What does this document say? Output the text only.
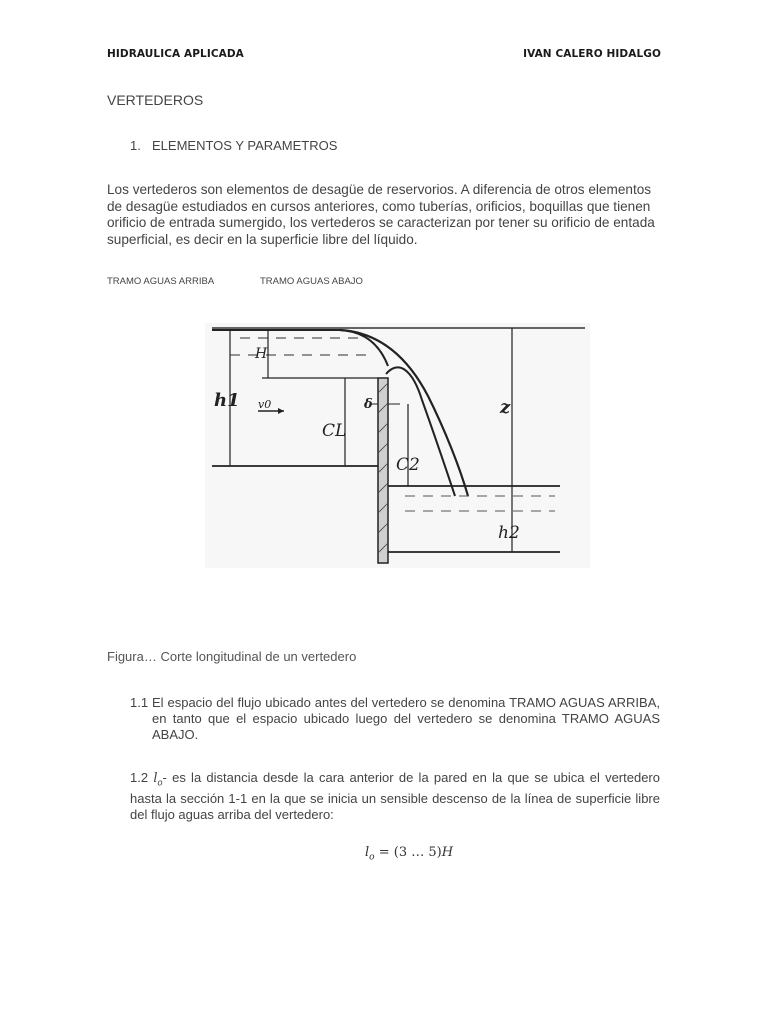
HIDRAULICA APLICADA	IVAN CALERO HIDALGO
VERTEDEROS
1. ELEMENTOS Y PARAMETROS
Los vertederos son elementos de desagüe de reservorios. A diferencia de otros elementos de desagüe estudiados en cursos anteriores, como tuberías, orificios, boquillas que tienen orificio de entrada sumergido, los vertederos se caracterizan por tener su orificio de entada superficial, es decir en la superficie libre del líquido.
TRAMO AGUAS ARRIBA	TRAMO AGUAS ABAJO
H
h1 v0
CL
δ
C2
z
h2
Figura… Corte longitudinal de un vertedero
1.1 El espacio del flujo ubicado antes del vertedero se denomina TRAMO AGUAS ARRIBA, en tanto que el espacio ubicado luego del vertedero se denomina TRAMO AGUAS ABAJO.
1.2 $l_o-$ es la distancia desde la cara anterior de la pared en la que se ubica el vertedero hasta la sección 1-1 en la que se inicia un sensible descenso de la línea de superficie libre del flujo aguas arriba del vertedero:
$l_o = (3$ … 5)H
